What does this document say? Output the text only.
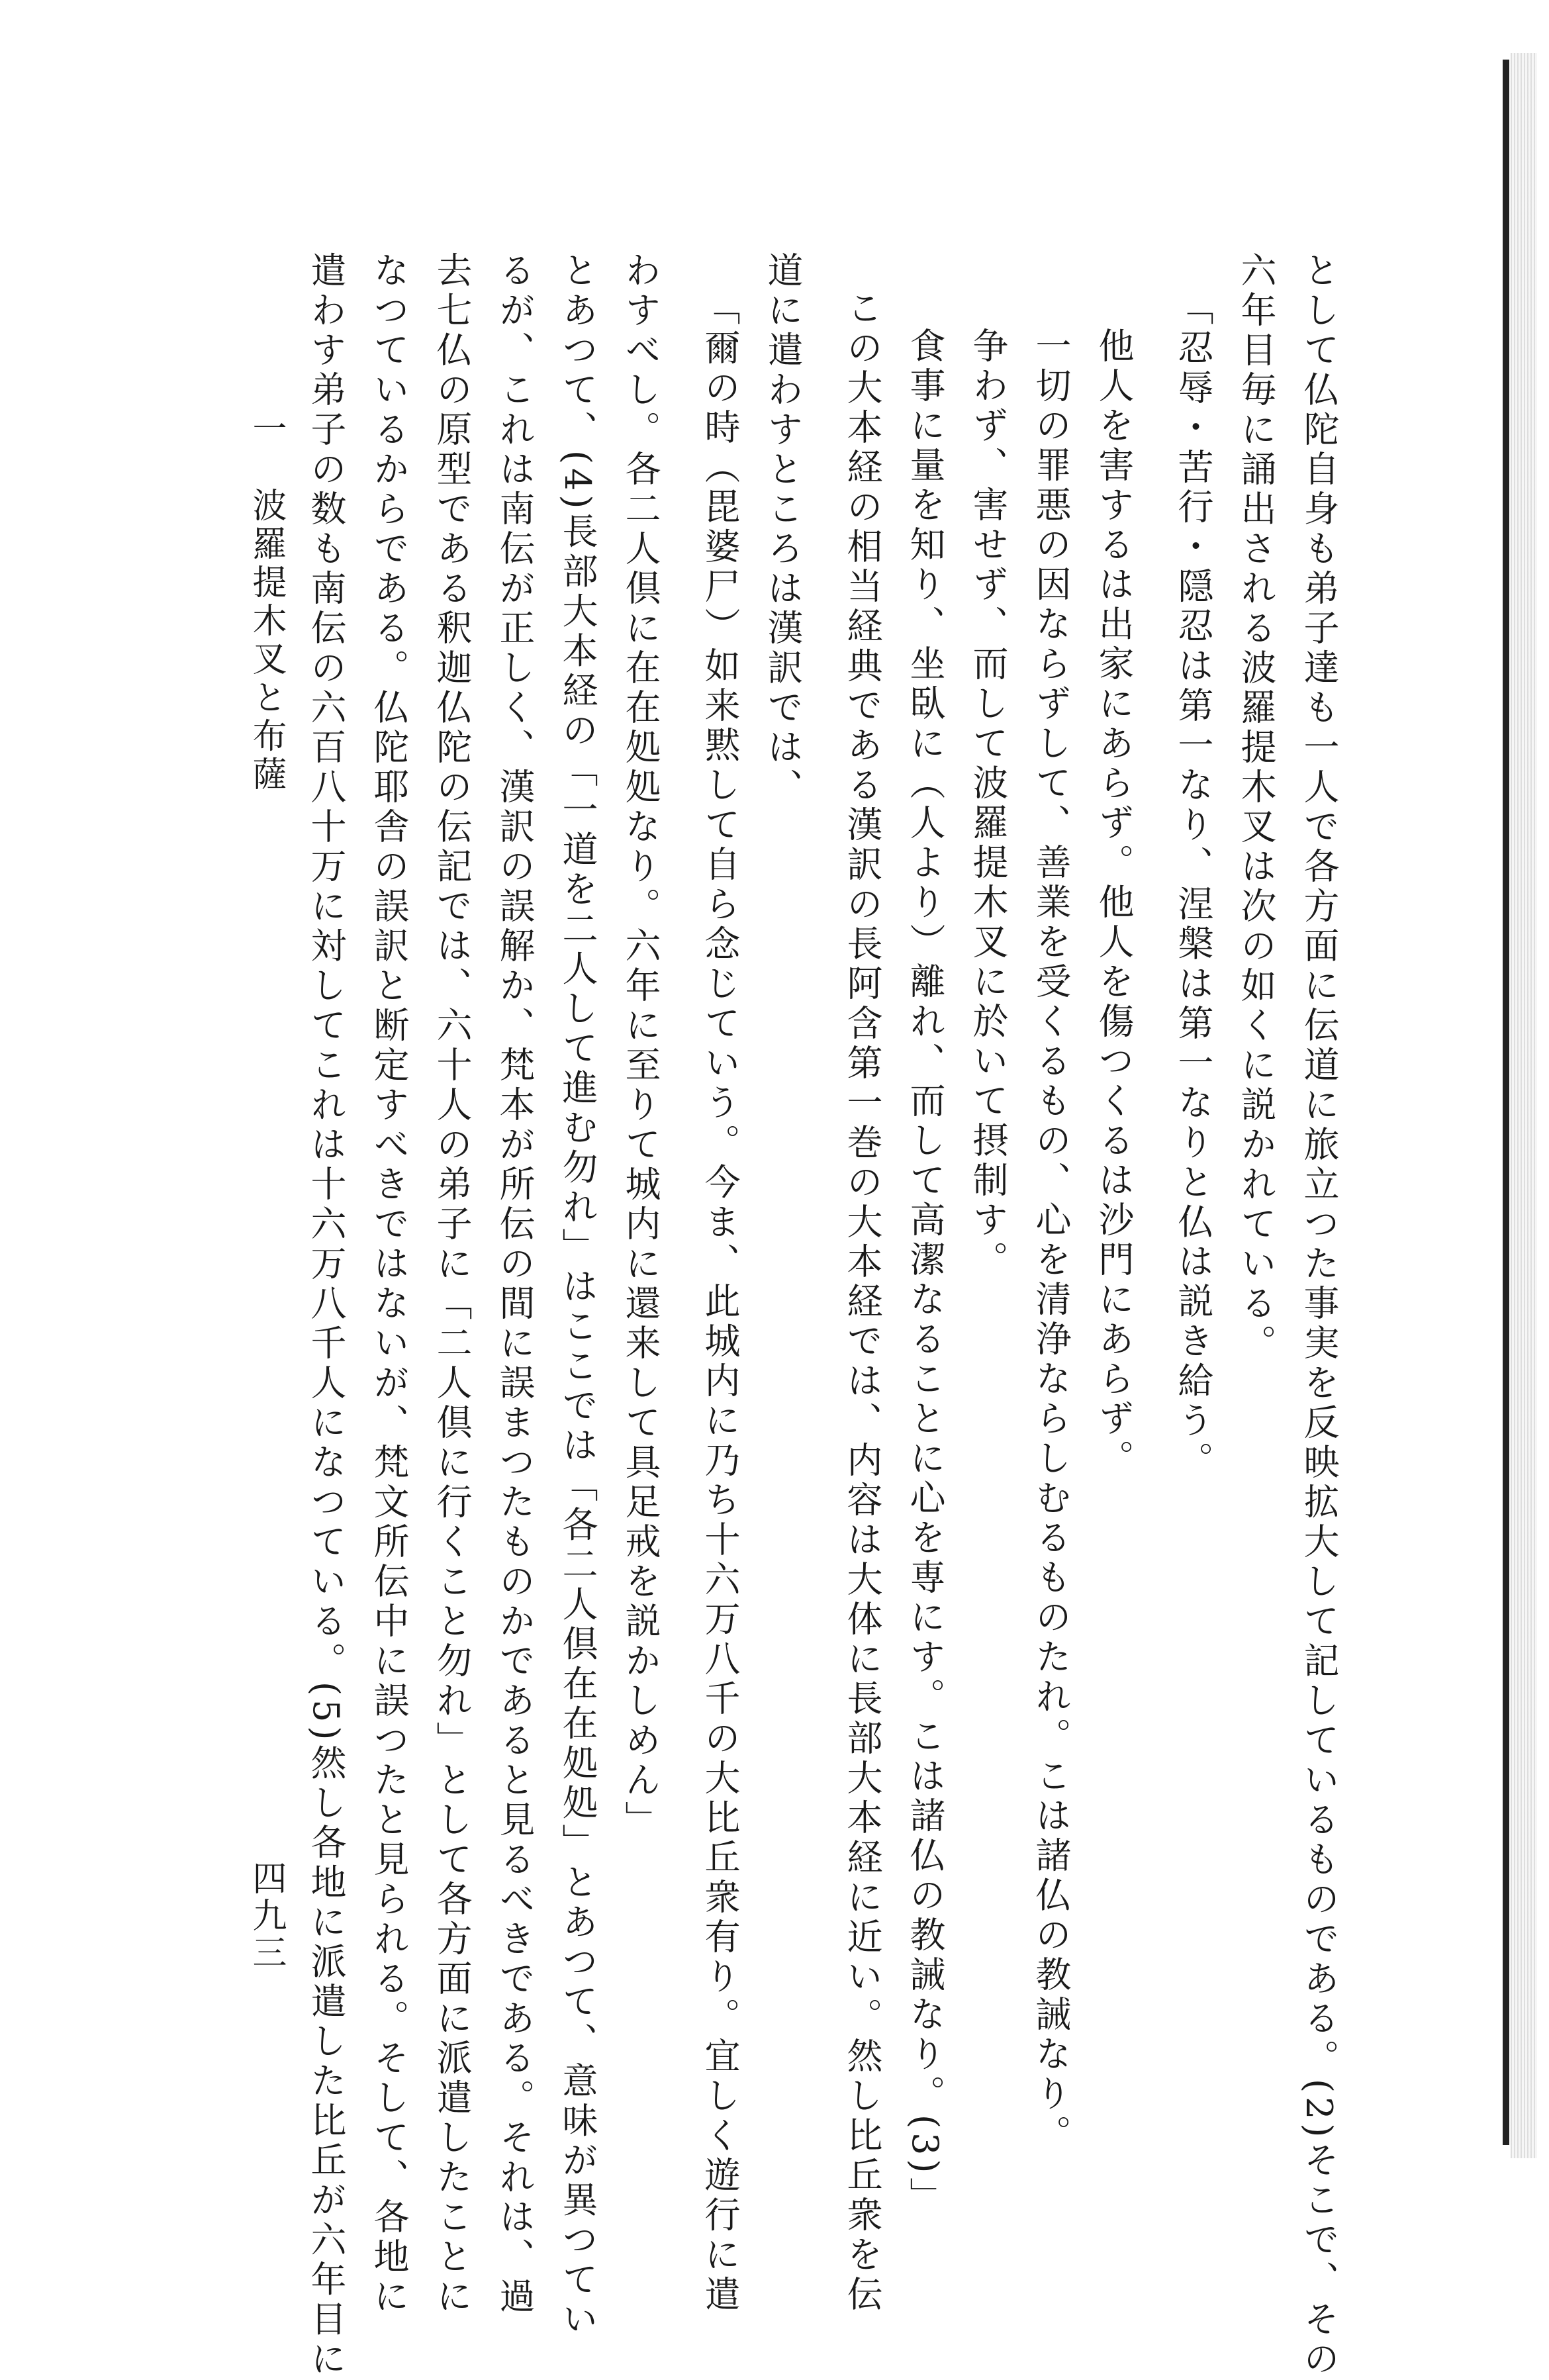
として仏陀自身も弟子達も一人で各方面に伝道に旅立つた事実を反映拡大して記しているものである。(2)そこで、その
六年目毎に誦出される波羅提木叉は次の如くに説かれている。
「忍辱・苦行・隠忍は第一なり、涅槃は第一なりと仏は説き給う。
他人を害するは出家にあらず。他人を傷つくるは沙門にあらず。
一切の罪悪の因ならずして、善業を受くるもの、心を清浄ならしむるものたれ。こは諸仏の教誡なり。
争わず、害せず、而して波羅提木叉に於いて摂制す。
食事に量を知り、坐臥に（人より）離れ、而して高潔なることに心を専にす。こは諸仏の教誡なり。(3)」
この大本経の相当経典である漢訳の長阿含第一巻の大本経では、内容は大体に長部大本経に近い。然し比丘衆を伝
道に遣わすところは漢訳では、
「爾の時（毘婆尸）如来黙して自ら念じていう。今ま、此城内に乃ち十六万八千の大比丘衆有り。宜しく遊行に遣
わすべし。各二人倶に在在処処なり。六年に至りて城内に還来して具足戒を説かしめん」
とあつて、(4)長部大本経の「一道を二人して進む勿れ」はここでは「各二人倶在在処処」とあつて、意味が異つてい
るが、これは南伝が正しく、漢訳の誤解か、梵本が所伝の間に誤まつたものかであると見るべきである。それは、過
去七仏の原型である釈迦仏陀の伝記では、六十人の弟子に「二人倶に行くこと勿れ」として各方面に派遣したことに
なつているからである。仏陀耶舎の誤訳と断定すべきではないが、梵文所伝中に誤つたと見られる。そして、各地に
遣わす弟子の数も南伝の六百八十万に対してこれは十六万八千人になつている。(5)然し各地に派遣した比丘が六年目に
一　波羅提木叉と布薩
四九三
